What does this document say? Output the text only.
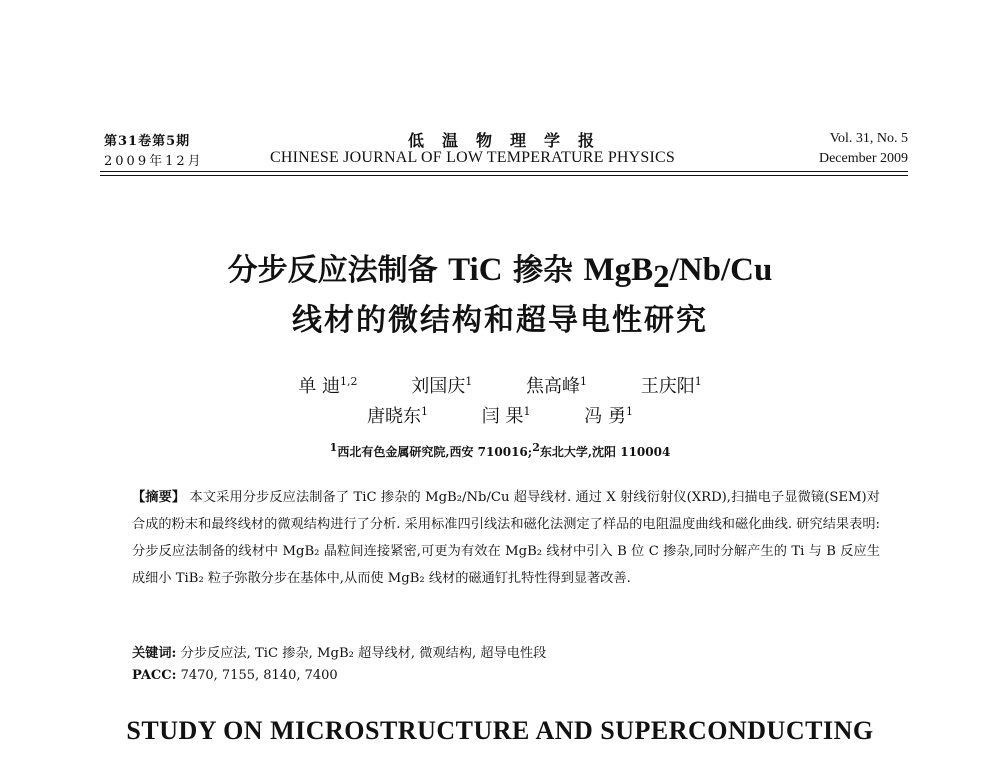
第31卷第5期
2009年12月
低温物理学报
CHINESE JOURNAL OF LOW TEMPERATURE PHYSICS
Vol. 31, No. 5
December 2009
分步反应法制备 TiC 掺杂 MgB$_2$/Nb/Cu
线材的微结构和超导电性研究
单 迪$^{1,2}$	刘国庆$^1$	焦高峰$^1$	王庆阳$^1$
唐晓东$^1$	闫 果$^1$	冯 勇$^1$
$^1$西北有色金属研究院,西安 710016;$^2$东北大学,沈阳 110004
【摘要】 本文采用分步反应法制备了 TiC 掺杂的 MgB₂/Nb/Cu 超导线材. 通过 X 射线衍射仪(XRD),扫描电子显微镜(SEM)对合成的粉末和最终线材的微观结构进行了分析. 采用标准四引线法和磁化法测定了样品的电阻温度曲线和磁化曲线. 研究结果表明:分步反应法制备的线材中 MgB₂ 晶粒间连接紧密,可更为有效在 MgB₂ 线材中引入 B 位 C 掺杂,同时分解产生的 Ti 与 B 反应生成细小 TiB₂ 粒子弥散分步在基体中,从而使 MgB₂ 线材的磁通钉扎特性得到显著改善.
关键词: 分步反应法, TiC 掺杂, MgB₂ 超导线材, 微观结构, 超导电性段
PACC: 7470, 7155, 8140, 7400
STUDY ON MICROSTRUCTURE AND SUPERCONDUCTING
